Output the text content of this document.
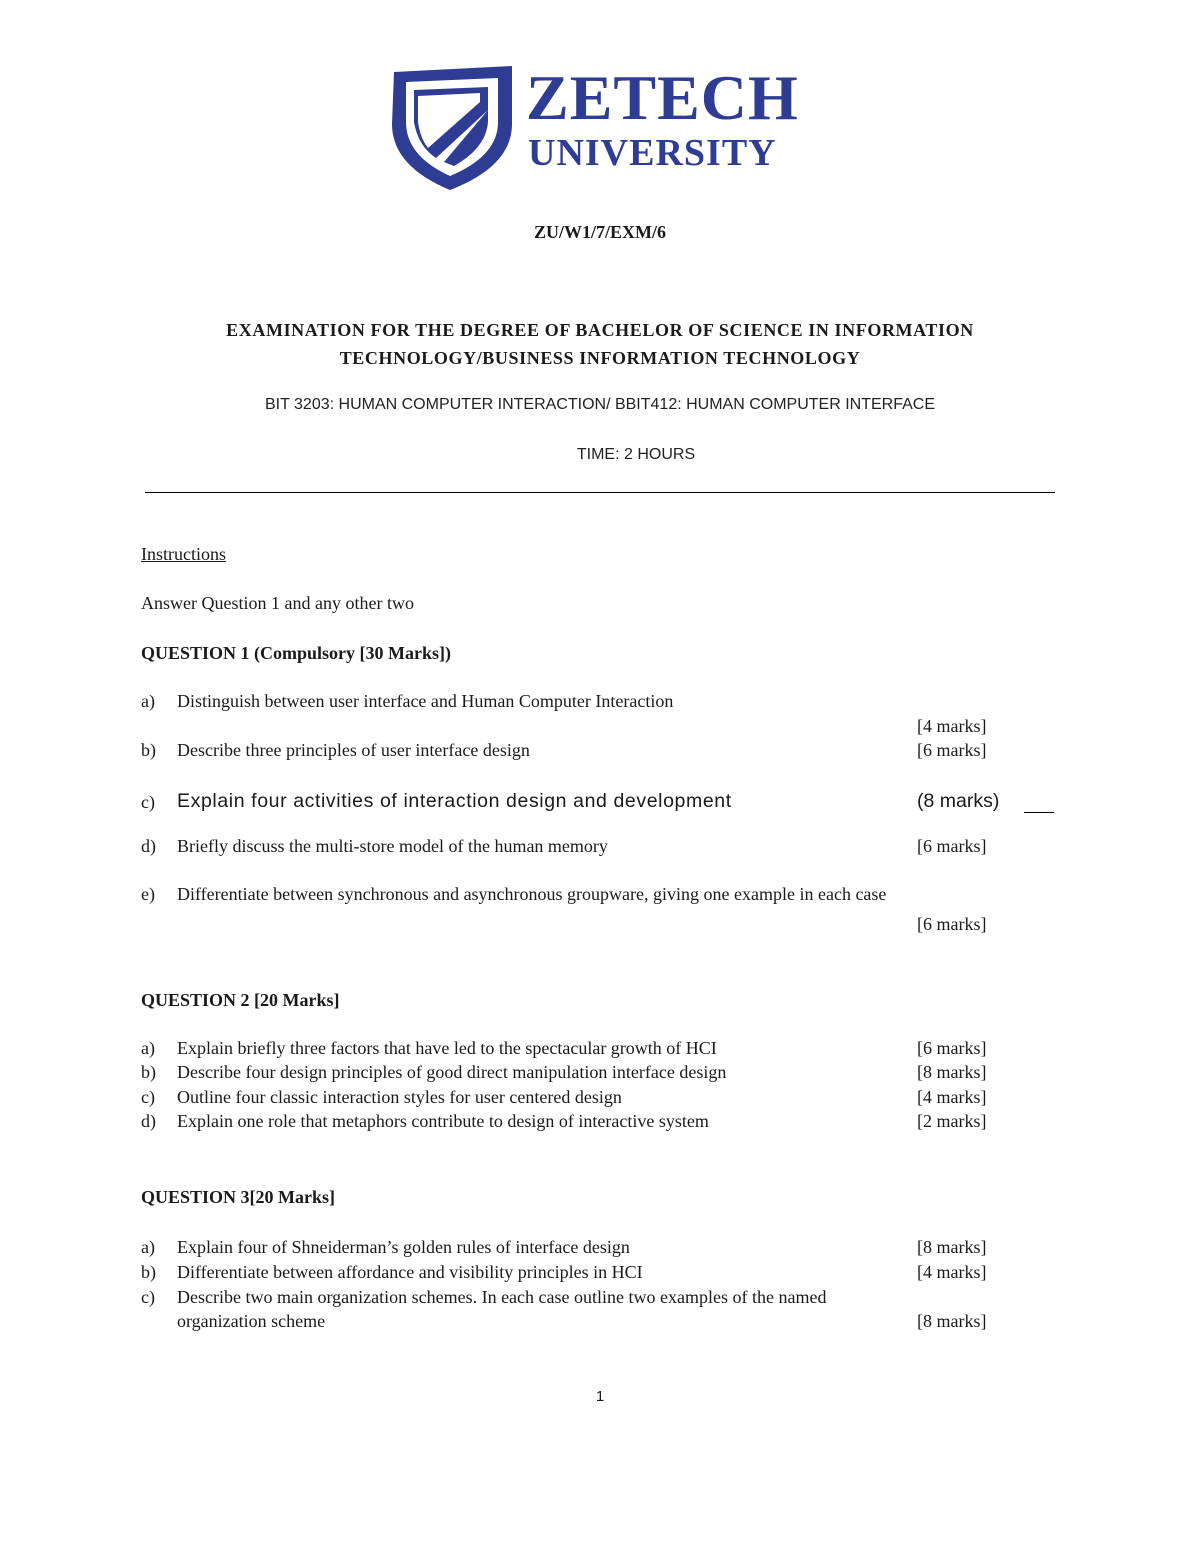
ZETECH
UNIVERSITY
ZU/W1/7/EXM/6
EXAMINATION FOR THE DEGREE OF BACHELOR OF SCIENCE IN INFORMATION
TECHNOLOGY/BUSINESS INFORMATION TECHNOLOGY
BIT 3203: HUMAN COMPUTER INTERACTION/ BBIT412: HUMAN COMPUTER INTERFACE
TIME: 2 HOURS
Instructions
Answer Question 1 and any other two
QUESTION 1 (Compulsory [30 Marks])
a) Distinguish between user interface and Human Computer Interaction
[4 marks]
b) Describe three principles of user interface design	[6 marks]
c) Explain four activities of interaction design and development	(8 marks)
d) Briefly discuss the multi-store model of the human memory	[6 marks]
e) Differentiate between synchronous and asynchronous groupware, giving one example in each case
[6 marks]
QUESTION 2 [20 Marks]
a) Explain briefly three factors that have led to the spectacular growth of HCI	[6 marks]
b) Describe four design principles of good direct manipulation interface design	[8 marks]
c) Outline four classic interaction styles for user centered design	[4 marks]
d) Explain one role that metaphors contribute to design of interactive system	[2 marks]
QUESTION 3[20 Marks]
a) Explain four of Shneiderman’s golden rules of interface design	[8 marks]
b) Differentiate between affordance and visibility principles in HCI	[4 marks]
c) Describe two main organization schemes. In each case outline two examples of the named
organization scheme	[8 marks]
1
